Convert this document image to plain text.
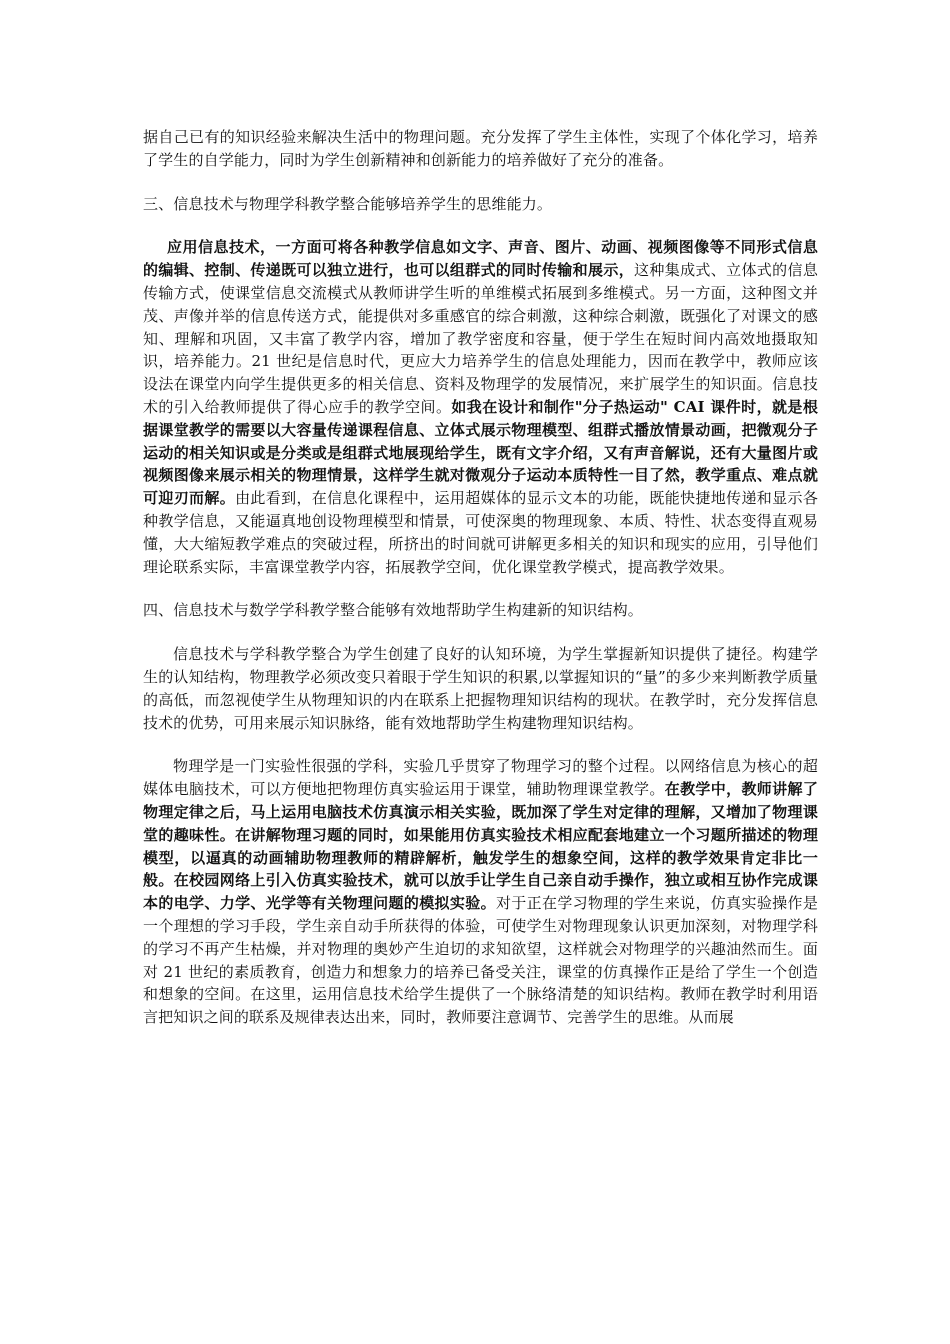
据自己已有的知识经验来解决生活中的物理问题。充分发挥了学生主体性，实现了个体化学习，培养了学生的自学能力，同时为学生创新精神和创新能力的培养做好了充分的准备。

三、信息技术与物理学科教学整合能够培养学生的思维能力。

应用信息技术，一方面可将各种教学信息如文字、声音、图片、动画、视频图像等不同形式信息的编辑、控制、传递既可以独立进行，也可以组群式的同时传输和展示，这种集成式、立体式的信息传输方式，使课堂信息交流模式从教师讲学生听的单维模式拓展到多维模式。另一方面，这种图文并茂、声像并举的信息传送方式，能提供对多重感官的综合刺激，这种综合刺激，既强化了对课文的感知、理解和巩固，又丰富了教学内容，增加了教学密度和容量，便于学生在短时间内高效地摄取知识，培养能力。21 世纪是信息时代，更应大力培养学生的信息处理能力，因而在教学中，教师应该设法在课堂内向学生提供更多的相关信息、资料及物理学的发展情况，来扩展学生的知识面。信息技术的引入给教师提供了得心应手的教学空间。如我在设计和制作"分子热运动" CAI 课件时，就是根据课堂教学的需要以大容量传递课程信息、立体式展示物理模型、组群式播放情景动画，把微观分子运动的相关知识或是分类或是组群式地展现给学生，既有文字介绍，又有声音解说，还有大量图片或视频图像来展示相关的物理情景，这样学生就对微观分子运动本质特性一目了然，教学重点、难点就可迎刃而解。由此看到，在信息化课程中，运用超媒体的显示文本的功能，既能快捷地传递和显示各种教学信息，又能逼真地创设物理模型和情景，可使深奥的物理现象、本质、特性、状态变得直观易懂，大大缩短教学难点的突破过程，所挤出的时间就可讲解更多相关的知识和现实的应用，引导他们理论联系实际，丰富课堂教学内容，拓展教学空间，优化课堂教学模式，提高教学效果。

四、信息技术与数学学科教学整合能够有效地帮助学生构建新的知识结构。

信息技术与学科教学整合为学生创建了良好的认知环境，为学生掌握新知识提供了捷径。构建学生的认知结构，物理教学必须改变只着眼于学生知识的积累,以掌握知识的“量”的多少来判断教学质量的高低，而忽视使学生从物理知识的内在联系上把握物理知识结构的现状。在教学时，充分发挥信息技术的优势，可用来展示知识脉络，能有效地帮助学生构建物理知识结构。

物理学是一门实验性很强的学科，实验几乎贯穿了物理学习的整个过程。以网络信息为核心的超媒体电脑技术，可以方便地把物理仿真实验运用于课堂，辅助物理课堂教学。在教学中，教师讲解了物理定律之后，马上运用电脑技术仿真演示相关实验，既加深了学生对定律的理解，又增加了物理课堂的趣味性。在讲解物理习题的同时，如果能用仿真实验技术相应配套地建立一个习题所描述的物理模型，以逼真的动画辅助物理教师的精辟解析，触发学生的想象空间，这样的教学效果肯定非比一般。在校园网络上引入仿真实验技术，就可以放手让学生自己亲自动手操作，独立或相互协作完成课本的电学、力学、光学等有关物理问题的模拟实验。对于正在学习物理的学生来说，仿真实验操作是一个理想的学习手段，学生亲自动手所获得的体验，可使学生对物理现象认识更加深刻，对物理学科的学习不再产生枯燥，并对物理的奥妙产生迫切的求知欲望，这样就会对物理学的兴趣油然而生。面对 21 世纪的素质教育，创造力和想象力的培养已备受关注，课堂的仿真操作正是给了学生一个创造和想象的空间。在这里，运用信息技术给学生提供了一个脉络清楚的知识结构。教师在教学时利用语言把知识之间的联系及规律表达出来，同时，教师要注意调节、完善学生的思维。从而展
